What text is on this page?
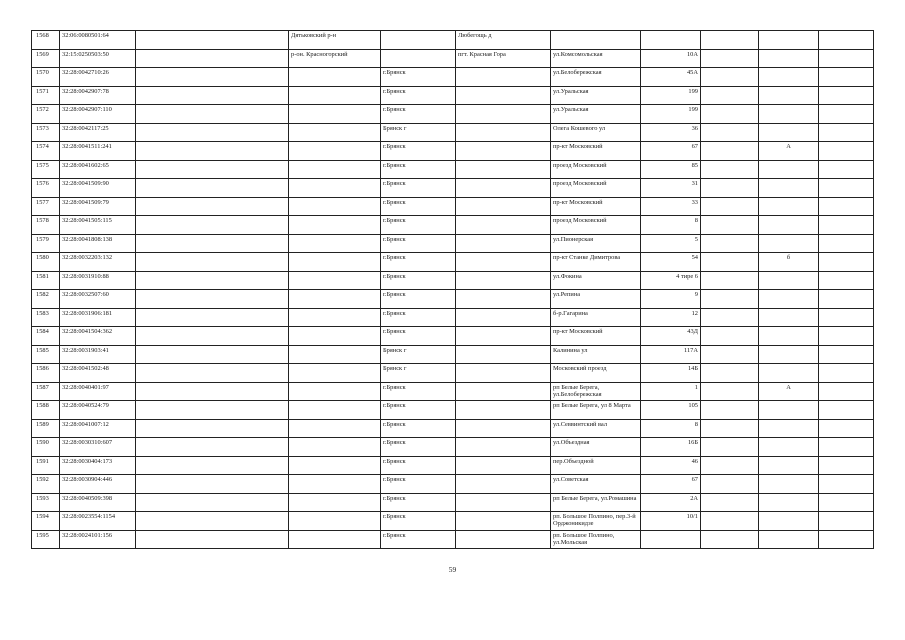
1568	32:06:0080501:64		Дятьковский р-н		Любегощь д					
1569	32:15:0250503:50		р-он. Красногорский		пгт. Красная Гора	ул.Комсомольская	10А			
1570	32:28:0042710:26			г.Брянск		ул.Белобережская	45А			
1571	32:28:0042907:78			г.Брянск		ул.Уральская	199			
1572	32:28:0042907:110			г.Брянск		ул.Уральская	199			
1573	32:28:0042117:25			Брянск г		Олега Кошевого ул	36			
1574	32:28:0041511:241			г.Брянск		пр-кт Московский	67		А	
1575	32:28:0041602:65			г.Брянск		проезд Московский	85			
1576	32:28:0041509:90			г.Брянск		проезд Московский	31			
1577	32:28:0041509:79			г.Брянск		пр-кт Московский	33			
1578	32:28:0041505:115			г.Брянск		проезд Московский	8			
1579	32:28:0041808:138			г.Брянск		ул.Пионерская	5			
1580	32:28:0032203:132			г.Брянск		пр-кт Станке Димитрова	54		б	
1581	32:28:0031910:88			г.Брянск		ул.Фокина	4 тире 6			
1582	32:28:0032507:60			г.Брянск		ул.Репина	9			
1583	32:28:0031906:181			г.Брянск		б-р.Гагарина	12			
1584	32:28:0041504:362			г.Брянск		пр-кт Московский	43Д			
1585	32:28:0031903:41			Брянск г		Калинина ул	117А			
1586	32:28:0041502:48			Брянск г		Московский проезд	14Б			
1587	32:28:0040401:97			г.Брянск		рп Белые Берега, ул.Белобережская	1		А	
1588	32:28:0040524:79			г.Брянск		рп Белые Берега, ул 8 Марта	105			
1589	32:28:0041007:12			г.Брянск		ул.Севвинтский вал	8			
1590	32:28:0030310:607			г.Брянск		ул.Объездная	16Б			
1591	32:28:0030404:173			г.Брянск		пер.Объездной	46			
1592	32:28:0030904:446			г.Брянск		ул.Советская	67			
1593	32:28:0040509:398			г.Брянск		рп Белые Берега, ул.Ромашина	2А			
1594	32:28:0023554:1154			г.Брянск		рп. Большое Полпино, пер.3-й Орджоникидзе	10/1			
1595	32:28:0024101:156			г.Брянск		рп. Большое Полпино, ул.Мольская				
59
